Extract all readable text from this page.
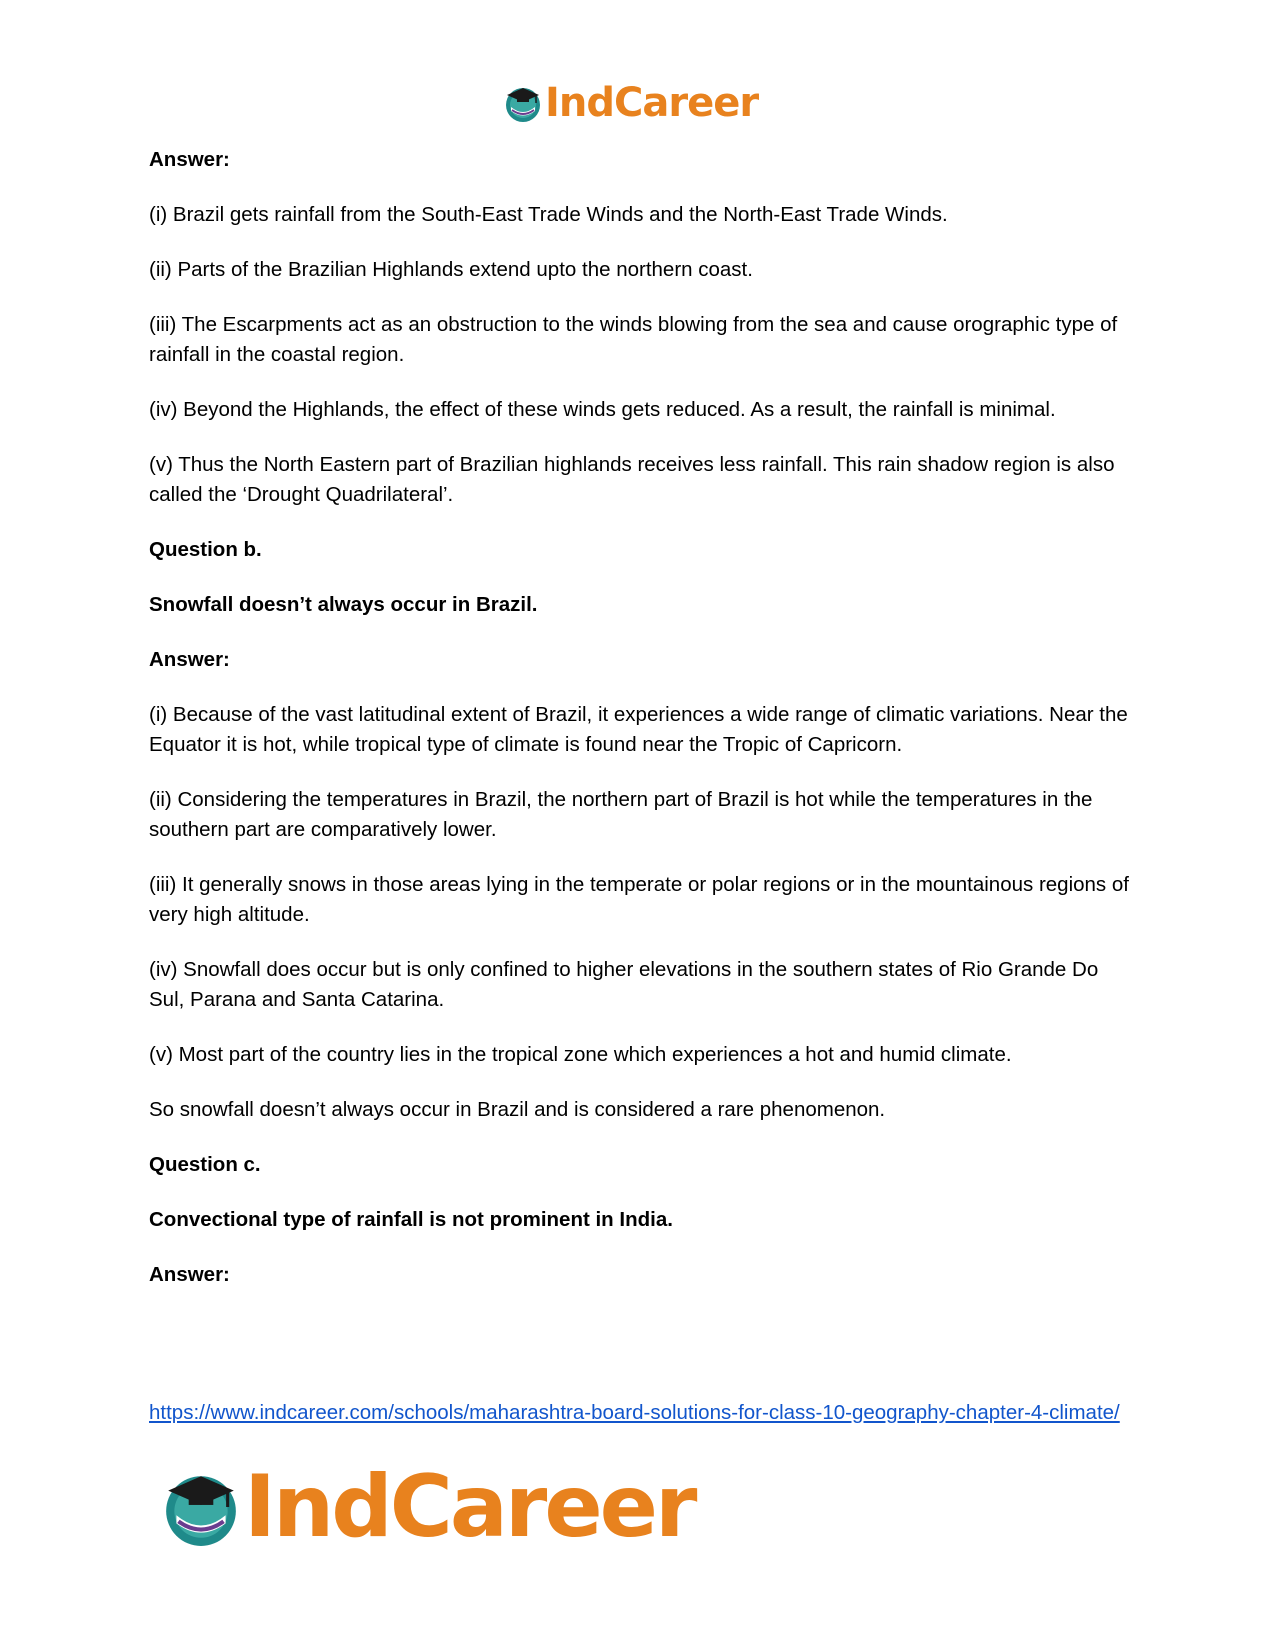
IndCareer

Answer:

(i) Brazil gets rainfall from the South-East Trade Winds and the North-East Trade Winds.

(ii) Parts of the Brazilian Highlands extend upto the northern coast.

(iii) The Escarpments act as an obstruction to the winds blowing from the sea and cause orographic type of rainfall in the coastal region.

(iv) Beyond the Highlands, the effect of these winds gets reduced. As a result, the rainfall is minimal.

(v) Thus the North Eastern part of Brazilian highlands receives less rainfall. This rain shadow region is also called the ‘Drought Quadrilateral’.

Question b.

Snowfall doesn’t always occur in Brazil.

Answer:

(i) Because of the vast latitudinal extent of Brazil, it experiences a wide range of climatic variations. Near the Equator it is hot, while tropical type of climate is found near the Tropic of Capricorn.

(ii) Considering the temperatures in Brazil, the northern part of Brazil is hot while the temperatures in the southern part are comparatively lower.

(iii) It generally snows in those areas lying in the temperate or polar regions or in the mountainous regions of very high altitude.

(iv) Snowfall does occur but is only confined to higher elevations in the southern states of Rio Grande Do Sul, Parana and Santa Catarina.

(v) Most part of the country lies in the tropical zone which experiences a hot and humid climate.

So snowfall doesn’t always occur in Brazil and is considered a rare phenomenon.

Question c.

Convectional type of rainfall is not prominent in India.

Answer:

https://www.indcareer.com/schools/maharashtra-board-solutions-for-class-10-geography-chapter-4-climate/
IndCareer
